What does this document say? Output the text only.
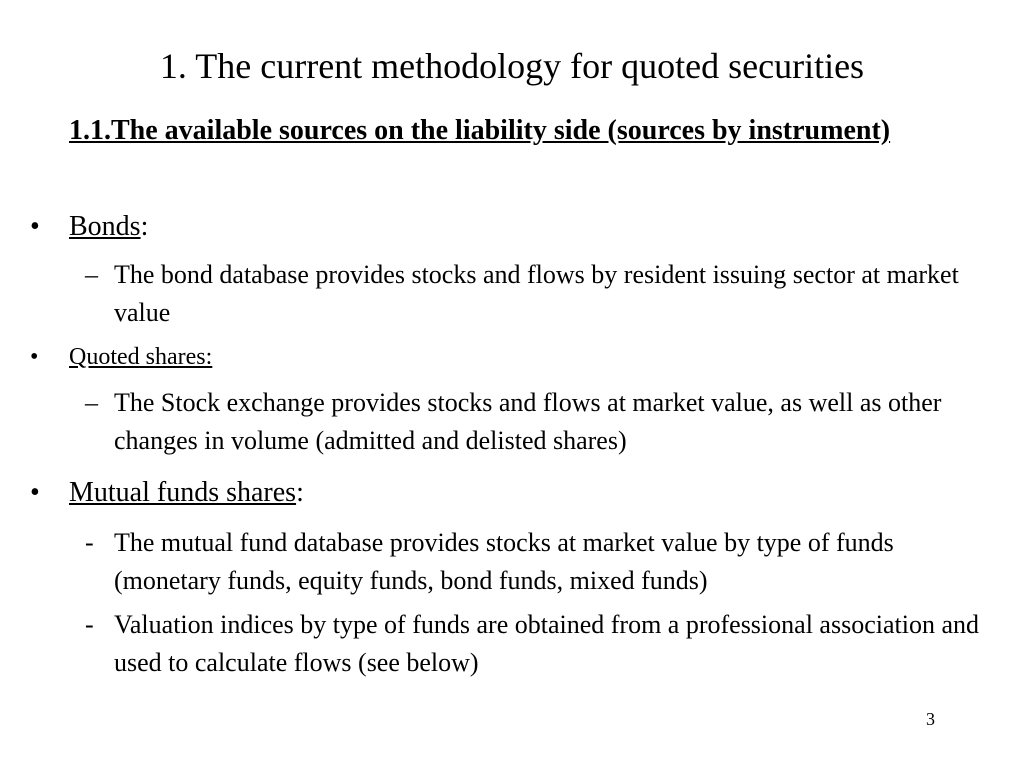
1. The current methodology for quoted securities
1.1.The available sources on the liability side (sources by instrument)
• Bonds:
– The bond database provides stocks and flows by resident issuing sector at market value
• Quoted shares:
– The Stock exchange provides stocks and flows at market value, as well as other changes in volume (admitted and delisted shares)
• Mutual funds shares:
- The mutual fund database provides stocks at market value by type of funds (monetary funds, equity funds, bond funds, mixed funds)
- Valuation indices by type of funds are obtained from a professional association and used to calculate flows (see below)
3
